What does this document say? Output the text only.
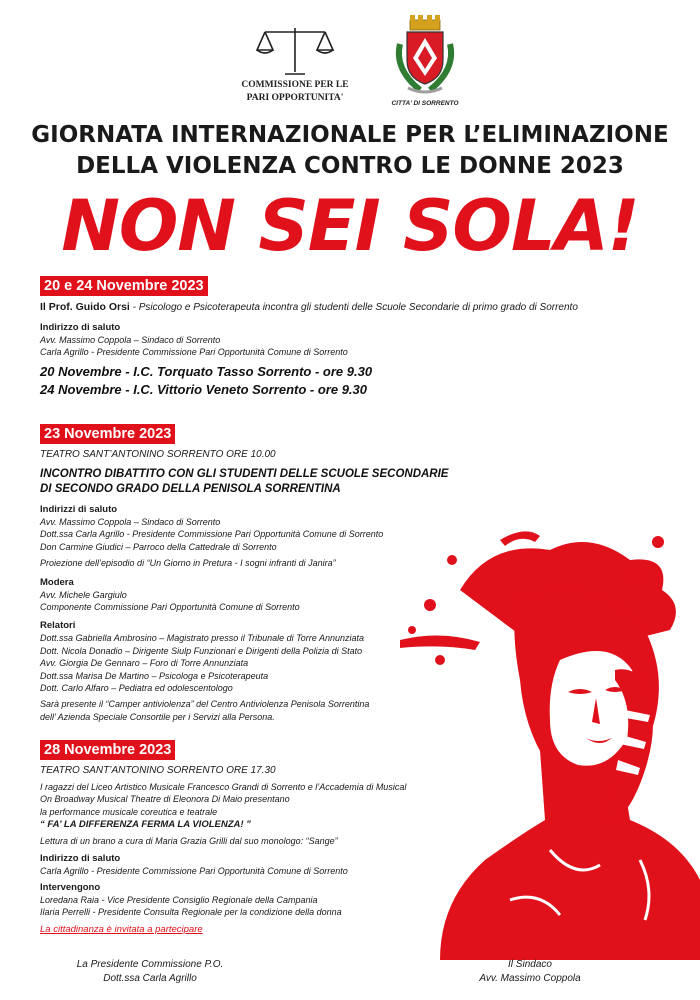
COMMISSIONE PER LE
PARI OPPORTUNITA'
CITTA' DI SORRENTO
GIORNATA INTERNAZIONALE PER L’ELIMINAZIONE
DELLA VIOLENZA CONTRO LE DONNE 2023
NON SEI SOLA!
20 e 24 Novembre 2023
Il Prof. Guido Orsi - Psicologo e Psicoterapeuta incontra gli studenti delle Scuole Secondarie di primo grado di Sorrento
Indirizzo di saluto
Avv. Massimo Coppola – Sindaco di Sorrento
Carla Agrillo - Presidente Commissione Pari Opportunità Comune di Sorrento
20 Novembre - I.C. Torquato Tasso Sorrento - ore 9.30
24 Novembre - I.C. Vittorio Veneto Sorrento - ore 9.30
23 Novembre 2023
TEATRO SANT’ANTONINO SORRENTO ORE 10.00
INCONTRO DIBATTITO CON GLI STUDENTI DELLE SCUOLE SECONDARIE
DI SECONDO GRADO DELLA PENISOLA SORRENTINA
Indirizzi di saluto
Avv. Massimo Coppola – Sindaco di Sorrento
Dott.ssa Carla Agrillo - Presidente Commissione Pari Opportunità Comune di Sorrento
Don Carmine Giudici – Parroco della Cattedrale di Sorrento
Proiezione dell’episodio di “Un Giorno in Pretura - I sogni infranti di Janira”
Modera
Avv. Michele Gargiulo
Componente Commissione Pari Opportunità Comune di Sorrento
Relatori
Dott.ssa Gabriella Ambrosino – Magistrato presso il Tribunale di Torre Annunziata
Dott. Nicola Donadio – Dirigente Siulp Funzionari e Dirigenti della Polizia di Stato
Avv. Giorgia De Gennaro – Foro di Torre Annunziata
Dott.ssa Marisa De Martino – Psicologa e Psicoterapeuta
Dott. Carlo Alfaro – Pediatra ed odolescentologo
Sarà presente il “Camper antiviolenza” del Centro Antiviolenza Penisola Sorrentina
dell’ Azienda Speciale Consortile per i Servizi alla Persona.
28 Novembre 2023
TEATRO SANT’ANTONINO SORRENTO ORE 17.30
I ragazzi del Liceo Artistico Musicale Francesco Grandi di Sorrento e l’Accademia di Musical
On Broadway Musical Theatre di Eleonora Di Maio presentano
la performance musicale coreutica e teatrale
“ FA’ LA DIFFERENZA FERMA LA VIOLENZA! ”
Lettura di un brano a cura di Maria Grazia Grilli dal suo monologo: “Sange”
Indirizzo di saluto
Carla Agrillo - Presidente Commissione Pari Opportunità Comune di Sorrento
Intervengono
Loredana Raia - Vice Presidente Consiglio Regionale della Campania
Ilaria Perrelli - Presidente Consulta Regionale per la condizione della donna
La cittadinanza è invitata a partecipare
La Presidente Commissione P.O.
Dott.ssa Carla Agrillo
Il Sindaco
Avv. Massimo Coppola
